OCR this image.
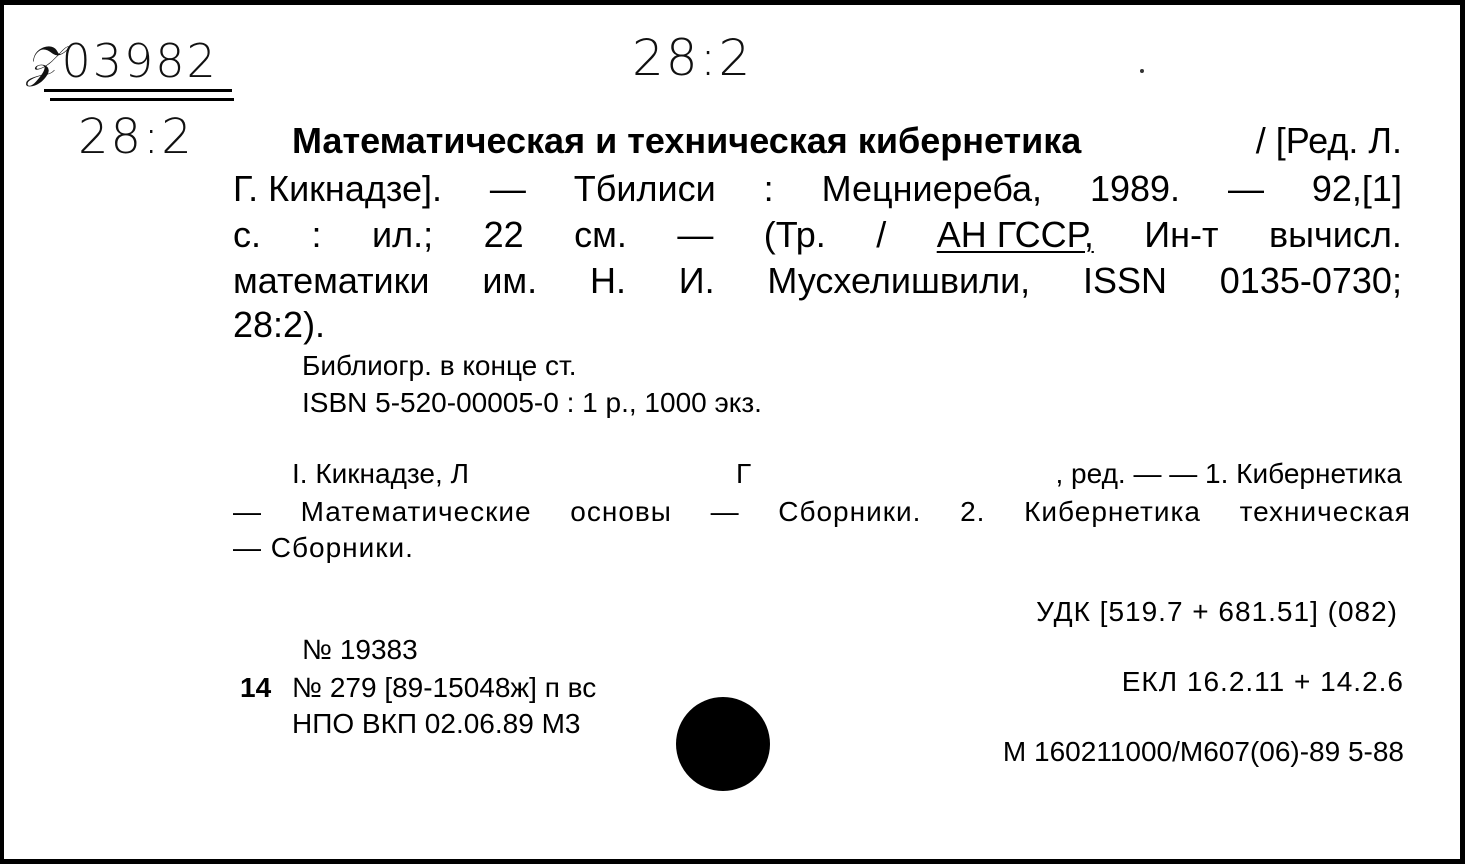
𝒵03982	28:2
28:2	Математическая и техническая кибернетика	/ [Ред. Л.
Г. Кикнадзе]. — Тбилиси : Мецниереба, 1989. — 92,[1]
с. : ил.; 22 см. — (Тр. / АН ГССР, Ин-т вычисл.
математики им. Н. И. Мусхелишвили, ISSN 0135-0730;
28:2).
Библиогр. в конце ст.
ISBN 5-520-00005-0 : 1 р., 1000 экз.
I. Кикнадзе, Л	Г	, ред. — — 1. Кибернетика
— Математические основы — Сборники. 2. Кибернетика техническая
— Сборники.
УДК [519.7 + 681.51] (082)
№ 19383
14 № 279 [89-15048ж] п вс	ЕКЛ 16.2.11 + 14.2.6
НПО ВКП 02.06.89 М3
М 160211000/М607(06)-89 5-88
